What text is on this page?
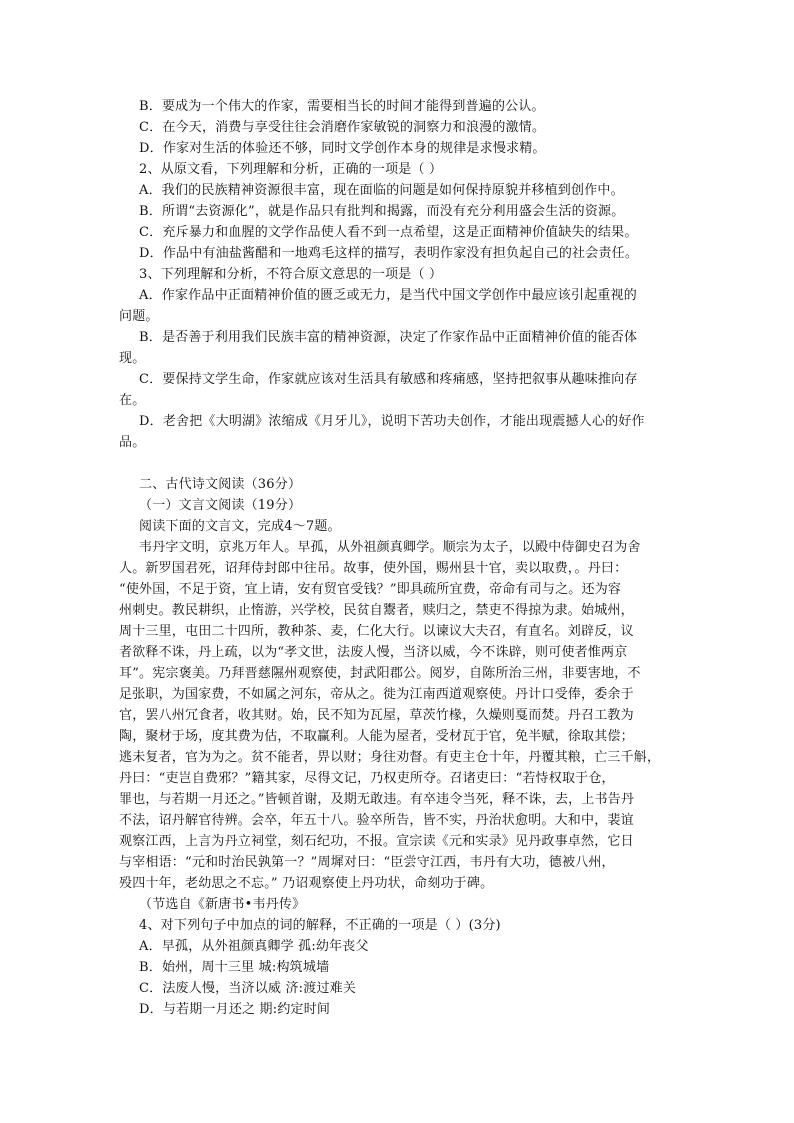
B．要成为一个伟大的作家，需要相当长的时间才能得到普遍的公认。
C．在今天，消费与享受往往会消磨作家敏锐的洞察力和浪漫的激情。
D．作家对生活的体验还不够，同时文学创作本身的规律是求慢求精。
2、从原文看，下列理解和分析，正确的一项是（ ）
A．我们的民族精神资源很丰富，现在面临的问题是如何保持原貌并移植到创作中。
B．所谓“去资源化”，就是作品只有批判和揭露，而没有充分利用盛会生活的资源。
C．充斥暴力和血腥的文学作品使人看不到一点希望，这是正面精神价值缺失的结果。
D．作品中有油盐酱醋和一地鸡毛这样的描写，表明作家没有担负起自己的社会责任。
3、下列理解和分析，不符合原文意思的一项是（ ）
A．作家作品中正面精神价值的匮乏或无力，是当代中国文学创作中最应该引起重视的
问题。
B．是否善于利用我们民族丰富的精神资源，决定了作家作品中正面精神价值的能否体
现。
C．要保持文学生命，作家就应该对生活具有敏感和疼痛感，坚持把叙事从趣味推向存
在。
D．老舍把《大明湖》浓缩成《月牙儿》，说明下苦功夫创作，才能出现震撼人心的好作
品。
二、古代诗文阅读（36分）
（一）文言文阅读（19分）
阅读下面的文言文，完成4～7题。
韦丹字文明，京兆万年人。早孤，从外祖颜真卿学。顺宗为太子，以殿中侍御史召为舍
人。新罗国君死，诏拜侍封郎中往吊。故事，使外国，赐州县十官，卖以取费，。丹曰：
“使外国，不足于资，宜上请，安有贸官受钱？”即具疏所宜费，帝命有司与之。还为容
州刺史。教民耕织，止惰游，兴学校，民贫自鬻者，赎归之，禁吏不得掠为隶。始城州，
周十三里，屯田二十四所，教种茶、麦，仁化大行。以谏议大夫召，有直名。刘辟反，议
者欲释不诛，丹上疏，以为“孝文世，法废人慢，当济以威，今不诛辟，则可使者惟两京
耳”。宪宗褒美。乃拜晋慈隰州观察使，封武阳郡公。阅岁，自陈所治三州，非要害地，不
足张职，为国家费，不如属之河东，帝从之。徙为江南西道观察使。丹计口受俸，委余于
官，罢八州冗食者，收其财。始，民不知为瓦屋，草茨竹椽，久燥则戛而焚。丹召工教为
陶，聚材于场，度其费为估，不取赢利。人能为屋者，受材瓦于官，免半赋，徐取其偿；
逃未复者，官为为之。贫不能者，畀以财；身往劝督。有吏主仓十年，丹覆其粮，亡三千斛，
丹曰：“吏岂自费邪？”籍其家，尽得文记，乃权吏所夺。召诸吏曰：“若恃权取于仓，
罪也，与若期一月还之。”皆顿首谢，及期无敢违。有卒违令当死，释不诛，去，上书告丹
不法，诏丹解官待辨。会卒，年五十八。验卒所告，皆不实，丹治状愈明。大和中，裴谊
观察江西，上言为丹立祠堂，刻石纪功，不报。宣宗读《元和实录》见丹政事卓然，它日
与宰相语：“元和时治民孰第一？”周墀对曰：“臣尝守江西，韦丹有大功，德被八州，
殁四十年，老幼思之不忘。” 乃诏观察使上丹功状，命刻功于碑。
（节选自《新唐书•韦丹传》
4、对下列句子中加点的词的解释，不正确的一项是（ ）(3分)
A．早孤，从外祖颜真卿学 孤:幼年丧父
B．始州，周十三里 城:构筑城墙
C．法废人慢，当济以威 济:渡过难关
D．与若期一月还之 期:约定时间
